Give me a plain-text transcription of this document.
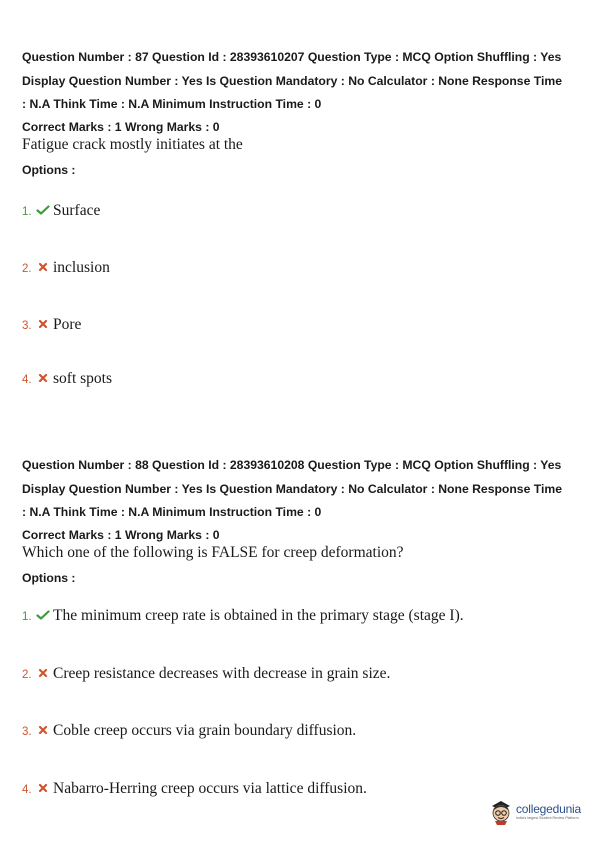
Question Number : 87 Question Id : 28393610207 Question Type : MCQ Option Shuffling : Yes

Display Question Number : Yes Is Question Mandatory : No Calculator : None Response Time

: N.A Think Time : N.A Minimum Instruction Time : 0

Correct Marks : 1 Wrong Marks : 0

Fatigue crack mostly initiates at the

Options :
1. Surface
2. inclusion
3. Pore
4. soft spots

Question Number : 88 Question Id : 28393610208 Question Type : MCQ Option Shuffling : Yes

Display Question Number : Yes Is Question Mandatory : No Calculator : None Response Time

: N.A Think Time : N.A Minimum Instruction Time : 0

Correct Marks : 1 Wrong Marks : 0

Which one of the following is FALSE for creep deformation?

Options :
1. The minimum creep rate is obtained in the primary stage (stage I).
2. Creep resistance decreases with decrease in grain size.
3. Coble creep occurs via grain boundary diffusion.
4. Nabarro-Herring creep occurs via lattice diffusion.
collegedunia
India's largest Student Review Platform
